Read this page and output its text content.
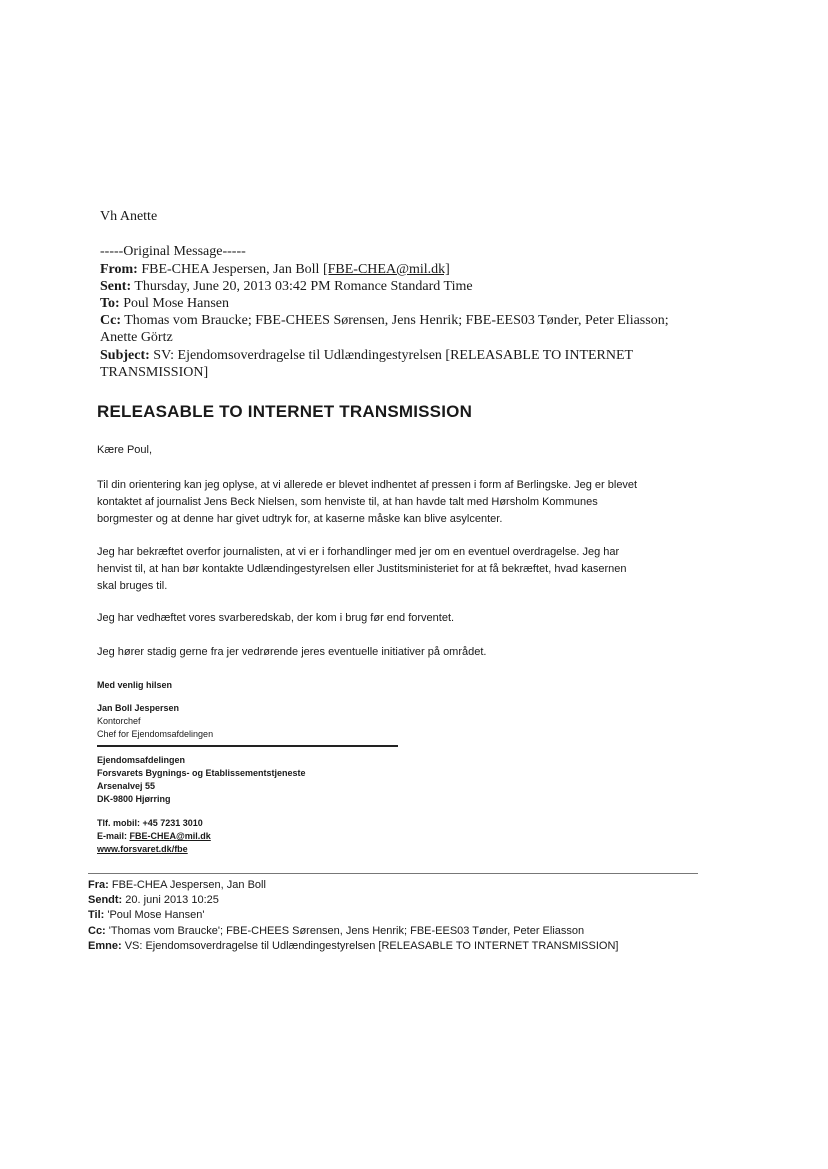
Vh Anette
-----Original Message-----
From: FBE-CHEA Jespersen, Jan Boll [FBE-CHEA@mil.dk]
Sent: Thursday, June 20, 2013 03:42 PM Romance Standard Time
To: Poul Mose Hansen
Cc: Thomas vom Braucke; FBE-CHEES Sørensen, Jens Henrik; FBE-EES03 Tønder, Peter Eliasson;
Anette Görtz
Subject: SV: Ejendomsoverdragelse til Udlændingestyrelsen [RELEASABLE TO INTERNET
TRANSMISSION]
RELEASABLE TO INTERNET TRANSMISSION
Kære Poul,
Til din orientering kan jeg oplyse, at vi allerede er blevet indhentet af pressen i form af Berlingske. Jeg er blevet
kontaktet af journalist Jens Beck Nielsen, som henviste til, at han havde talt med Hørsholm Kommunes
borgmester og at denne har givet udtryk for, at kaserne måske kan blive asylcenter.
Jeg har bekræftet overfor journalisten, at vi er i forhandlinger med jer om en eventuel overdragelse. Jeg har
henvist til, at han bør kontakte Udlændingestyrelsen eller Justitsministeriet for at få bekræftet, hvad kasernen
skal bruges til.
Jeg har vedhæftet vores svarberedskab, der kom i brug før end forventet.
Jeg hører stadig gerne fra jer vedrørende jeres eventuelle initiativer på området.
Med venlig hilsen
Jan Boll Jespersen
Kontorchef
Chef for Ejendomsafdelingen
Ejendomsafdelingen
Forsvarets Bygnings- og Etablissementstjeneste
Arsenalvej 55
DK-9800 Hjørring
Tlf. mobil: +45 7231 3010
E-mail: FBE-CHEA@mil.dk
www.forsvaret.dk/fbe
Fra: FBE-CHEA Jespersen, Jan Boll
Sendt: 20. juni 2013 10:25
Til: 'Poul Mose Hansen'
Cc: 'Thomas vom Braucke'; FBE-CHEES Sørensen, Jens Henrik; FBE-EES03 Tønder, Peter Eliasson
Emne: VS: Ejendomsoverdragelse til Udlændingestyrelsen [RELEASABLE TO INTERNET TRANSMISSION]
